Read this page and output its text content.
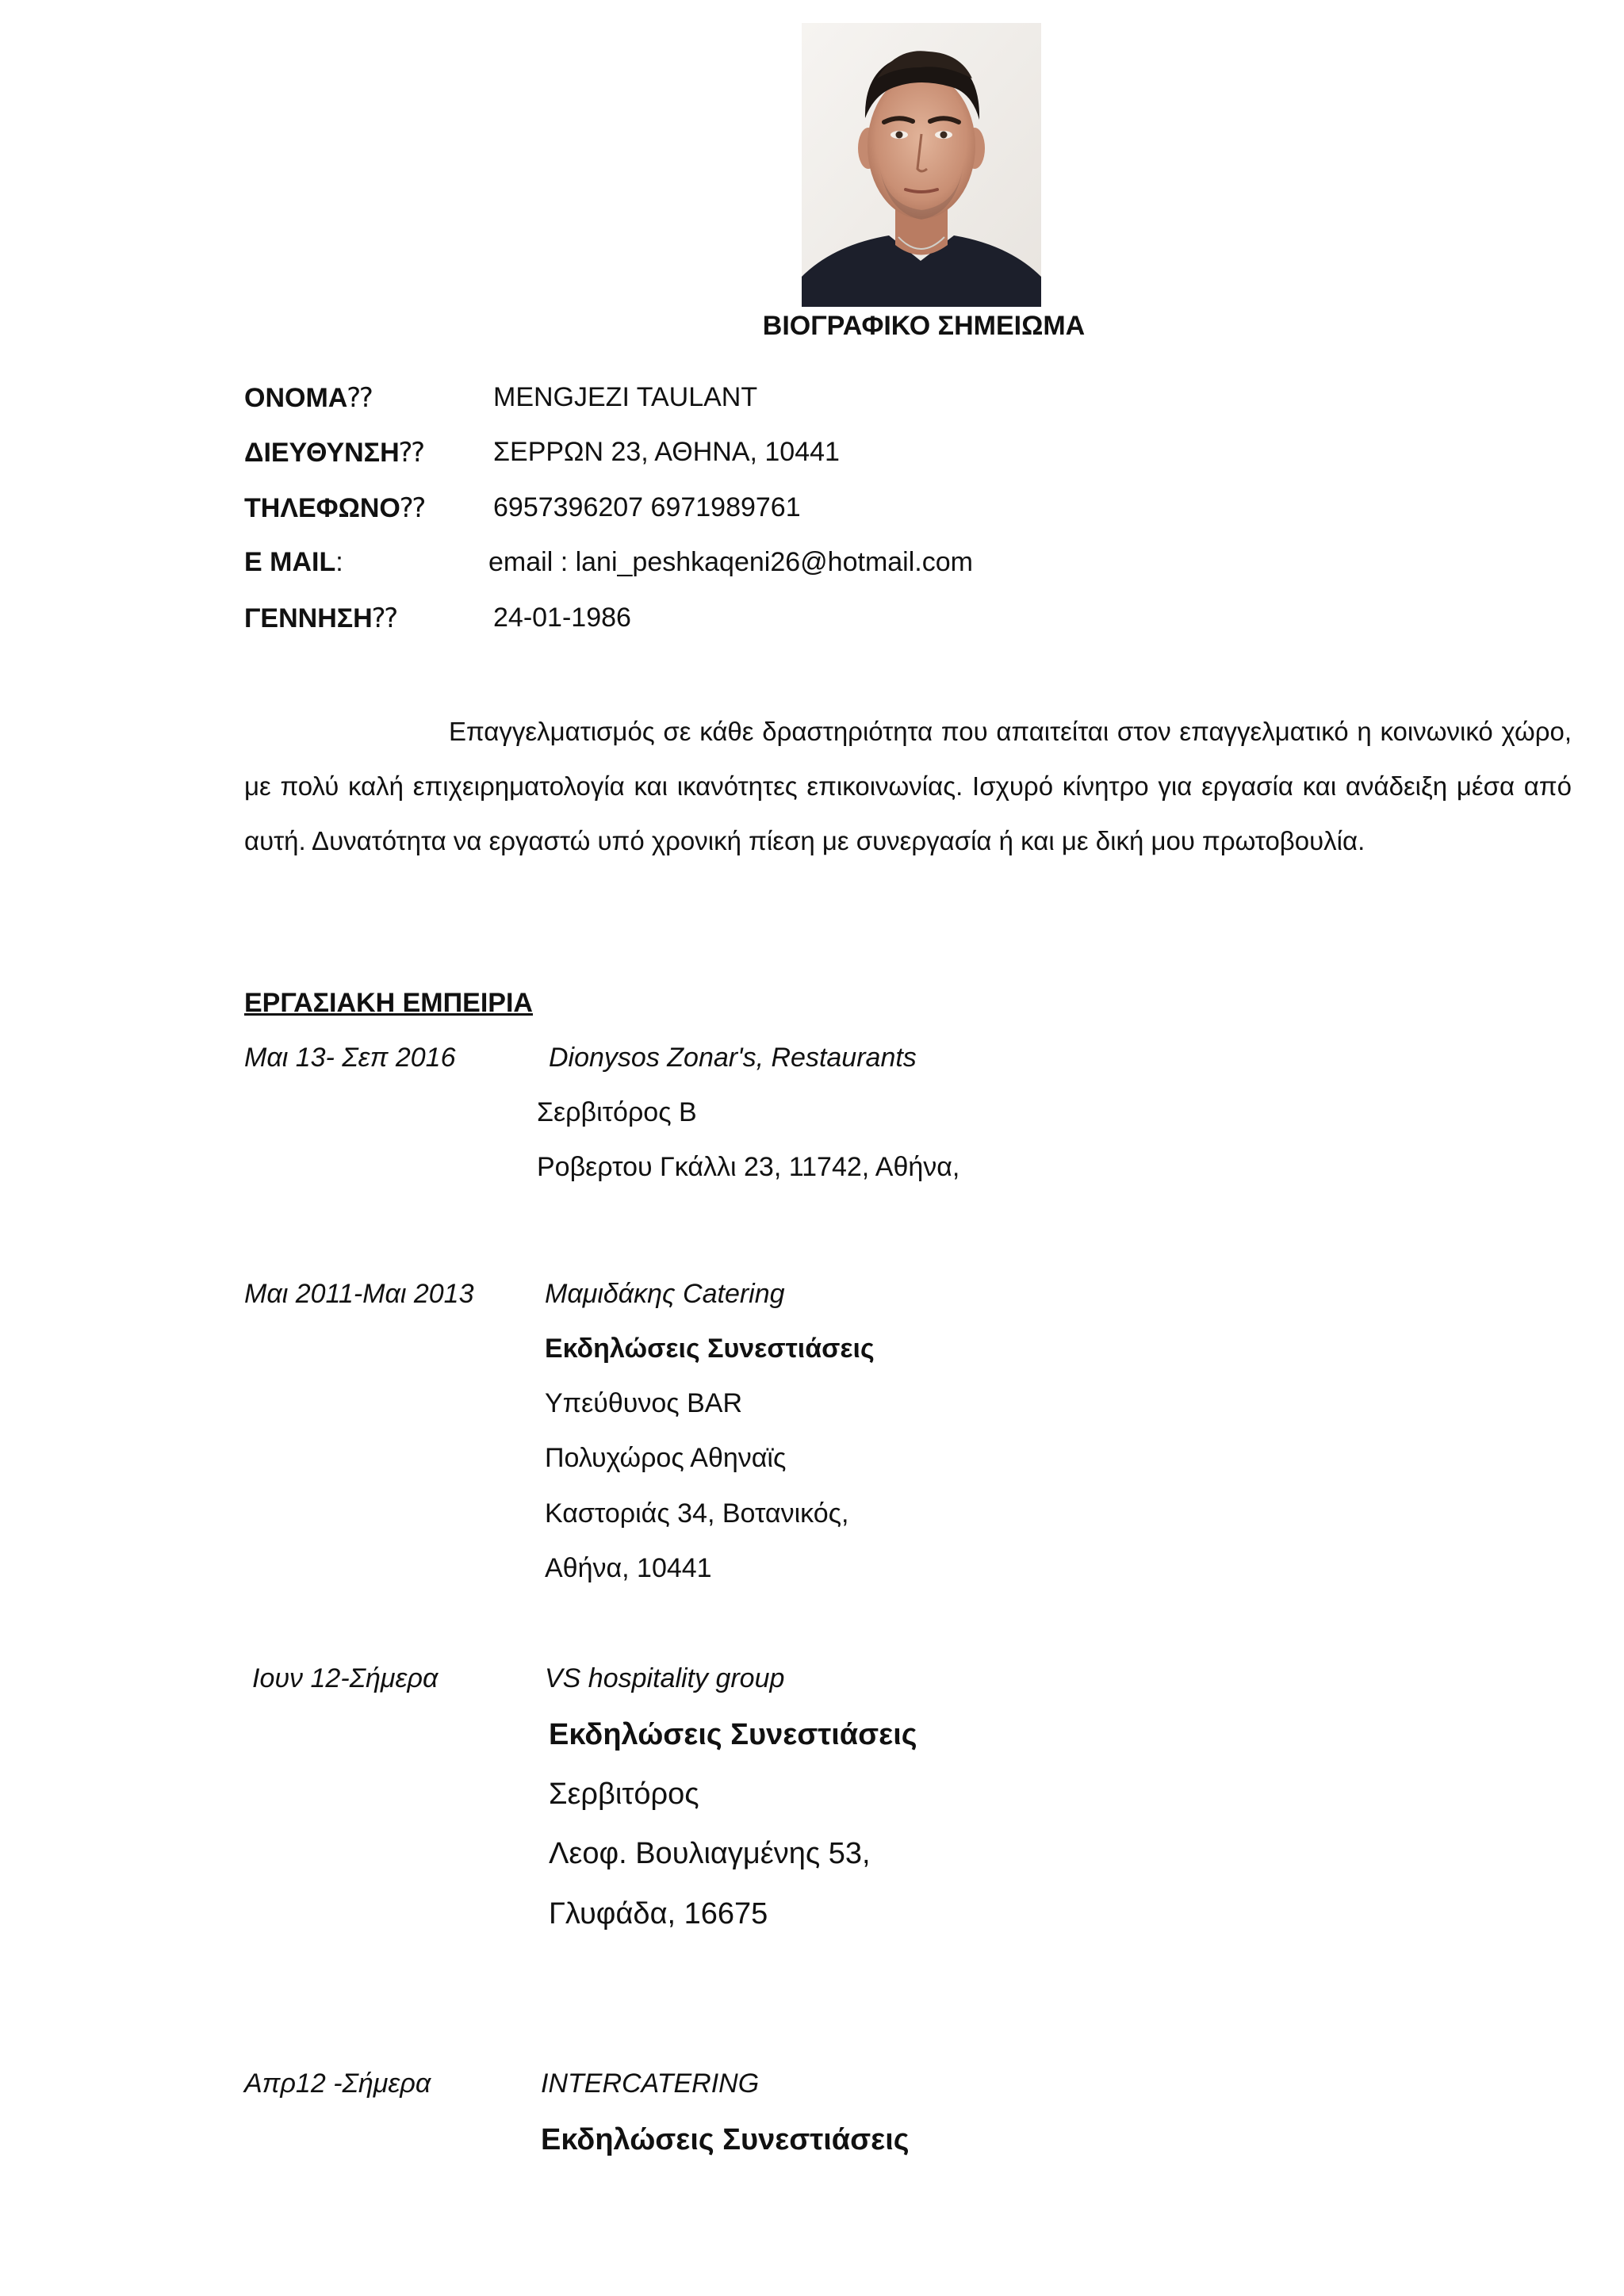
ΒΙΟΓΡΑΦΙΚΟ ΣΗΜΕΙΩΜΑ
ΟΝΟΜΑ⁇	MENGJEZI TAULANT
ΔΙΕΥΘΥΝΣΗ⁇	ΣΕΡΡΩΝ 23, ΑΘΗΝΑ, 10441
ΤΗΛΕΦΩΝΟ⁇	6957396207 6971989761
E MAIL:	email : lani_peshkaqeni26@hotmail.com
ΓΕΝΝΗΣΗ⁇	24-01-1986
Επαγγελματισμός σε κάθε δραστηριότητα που απαιτείται στον επαγγελματικό η κοινωνικό χώρο, με πολύ καλή επιχειρηματολογία και ικανότητες επικοινωνίας. Ισχυρό κίνητρο για εργασία και ανάδειξη μέσα από αυτή. Δυνατότητα να εργαστώ υπό χρονική πίεση με συνεργασία ή και με δική μου πρωτοβουλία.
ΕΡΓΑΣΙΑΚΗ ΕΜΠΕΙΡΙΑ
Μαι 13- Σεπ 2016	Dionysos Zonar's, Restaurants
Σερβιτόρος Β
Ροβερτου Γκάλλι 23, 11742, Αθήνα,
Μαι 2011-Μαι 2013	Μαμιδάκης Catering
Εκδηλώσεις Συνεστιάσεις
Υπεύθυνος BAR
Πολυχώρος Αθηναϊς
Καστοριάς 34, Βοτανικός,
Αθήνα, 10441
Ιουν 12-Σήμερα	VS hospitality group
Εκδηλώσεις Συνεστιάσεις
Σερβιτόρος
Λεοφ. Βουλιαγμένης 53,
Γλυφάδα, 16675
Απρ12 -Σήμερα	INTERCATERING
Εκδηλώσεις Συνεστιάσεις
